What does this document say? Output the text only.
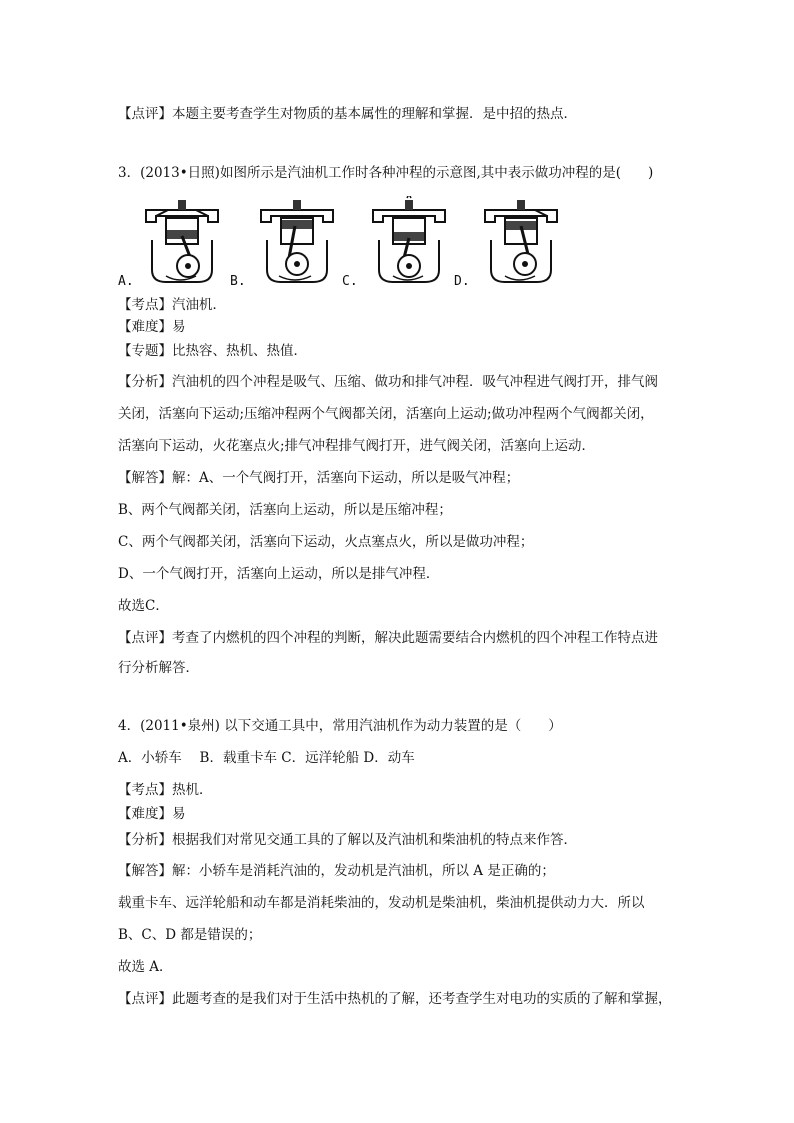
【点评】本题主要考查学生对物质的基本属性的理解和掌握．是中招的热点．
3．(2013•日照)如图所示是汽油机工作时各种冲程的示意图,其中表示做功冲程的是(　　)
A.	B.	C.	D.
【考点】汽油机．
【难度】易
【专题】比热容、热机、热值．
【分析】汽油机的四个冲程是吸气、压缩、做功和排气冲程．吸气冲程进气阀打开，排气阀
关闭，活塞向下运动;压缩冲程两个气阀都关闭，活塞向上运动;做功冲程两个气阀都关闭，
活塞向下运动，火花塞点火;排气冲程排气阀打开，进气阀关闭，活塞向上运动．
【解答】解：A、一个气阀打开，活塞向下运动，所以是吸气冲程；
B、两个气阀都关闭，活塞向上运动，所以是压缩冲程；
C、两个气阀都关闭，活塞向下运动，火点塞点火，所以是做功冲程；
D、一个气阀打开，活塞向上运动，所以是排气冲程．
故选C．
【点评】考查了内燃机的四个冲程的判断，解决此题需要结合内燃机的四个冲程工作特点进
行分析解答．
4．(2011•泉州) 以下交通工具中，常用汽油机作为动力装置的是（　　）
A．小轿车　 B．载重卡车 C．远洋轮船 D．动车
【考点】热机．
【难度】易
【分析】根据我们对常见交通工具的了解以及汽油机和柴油机的特点来作答．
【解答】解：小轿车是消耗汽油的，发动机是汽油机，所以 A 是正确的；
载重卡车、远洋轮船和动车都是消耗柴油的，发动机是柴油机，柴油机提供动力大．所以
B、C、D 都是错误的；
故选 A．
【点评】此题考查的是我们对于生活中热机的了解，还考查学生对电功的实质的了解和掌握，
